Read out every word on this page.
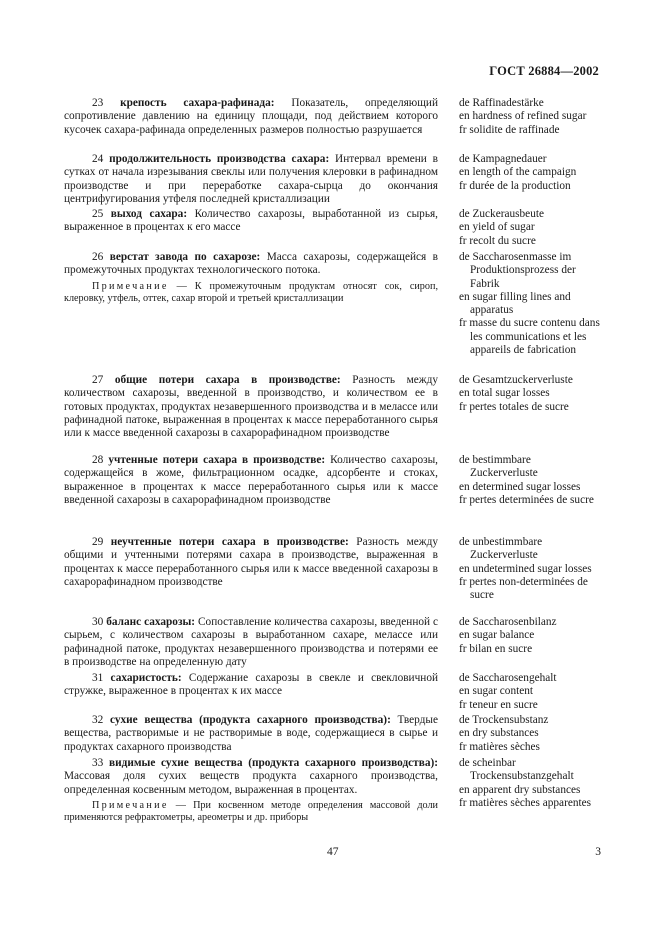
ГОСТ 26884—2002

23 крепость сахара-рафинада: Показатель, определяющий сопротивление давлению на единицу площади, под действием которого кусочек сахара-рафинада определенных размеров полностью разрушается

de Raffinadestärke
en hardness of refined sugar
fr solidite de raffinade

24 продолжительность производства сахара: Интервал времени в сутках от начала изрезывания свеклы или получения клеровки в рафинадном производстве и при переработке сахара-сырца до окончания центрифугирования утфеля последней кристаллизации

de Kampagnedauer
en length of the campaign
fr durée de la production

25 выход сахара: Количество сахарозы, выработанной из сырья, выраженное в процентах к его массе

de Zuckerausbeute
en yield of sugar
fr recolt du sucre

26 верстат завода по сахарозе: Масса сахарозы, содержащейся в промежуточных продуктах технологического потока.

Примечание — К промежуточным продуктам относят сок, сироп, клеровку, утфель, оттек, сахар второй и третьей кристаллизации

de Saccharosenmasse im Produktionsprozess der Fabrik
en sugar filling lines and apparatus
fr masse du sucre contenu dans les communications et les appareils de fabrication

27 общие потери сахара в производстве: Разность между количеством сахарозы, введенной в производство, и количеством ее в готовых продуктах, продуктах незавершенного производства и в мелассе или рафинадной патоке, выраженная в процентах к массе переработанного сырья или к массе введенной сахарозы в сахарорафинадном производстве

de Gesamtzuckerverluste
en total sugar losses
fr pertes totales de sucre

28 учтенные потери сахара в производстве: Количество сахарозы, содержащейся в жоме, фильтрационном осадке, адсорбенте и стоках, выраженное в процентах к массе переработанного сырья или к массе введенной сахарозы в сахарорафинадном производстве

de bestimmbare Zuckerverluste
en determined sugar losses
fr pertes determinées de sucre

29 неучтенные потери сахара в производстве: Разность между общими и учтенными потерями сахара в производстве, выраженная в процентах к массе переработанного сырья или к массе введенной сахарозы в сахарорафинадном производстве

de unbestimmbare Zuckerverluste
en undetermined sugar losses
fr pertes non-determinées de sucre

30 баланс сахарозы: Сопоставление количества сахарозы, введенной с сырьем, с количеством сахарозы в выработанном сахаре, мелассе или рафинадной патоке, продуктах незавершенного производства и потерями ее в производстве на определенную дату

de Saccharosenbilanz
en sugar balance
fr bilan en sucre

31 сахаристость: Содержание сахарозы в свекле и свекловичной стружке, выраженное в процентах к их массе

de Saccharosengehalt
en sugar content
fr teneur en sucre

32 сухие вещества (продукта сахарного производства): Твердые вещества, растворимые и не растворимые в воде, содержащиеся в сырье и продуктах сахарного производства

de Trockensubstanz
en dry substances
fr matières sèches

33 видимые сухие вещества (продукта сахарного производства): Массовая доля сухих веществ продукта сахарного производства, определенная косвенным методом, выраженная в процентах.

Примечание — При косвенном методе определения массовой доли применяются рефрактометры, ареометры и др. приборы

de scheinbar Trockensubstanzgehalt
en apparent dry substances
fr matières sèches apparentes
47	3
